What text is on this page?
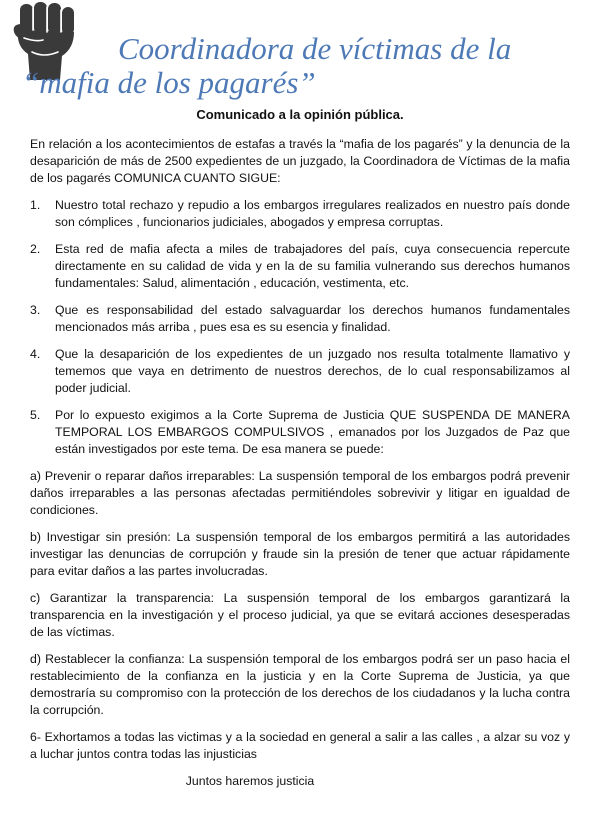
Coordinadora de víctimas de la
“mafia de los pagarés”
Comunicado a la opinión pública.

En relación a los acontecimientos de estafas a través la “mafia de los pagarés” y la denuncia de la desaparición de más de 2500 expedientes de un juzgado, la Coordinadora de Víctimas de la mafia de los pagarés COMUNICA CUANTO SIGUE:

1.	Nuestro total rechazo y repudio a los embargos irregulares realizados en nuestro país donde son cómplices , funcionarios judiciales, abogados y empresa corruptas.
2.	Esta red de mafia afecta a miles de trabajadores del país, cuya consecuencia repercute directamente en su calidad de vida y en la de su familia vulnerando sus derechos humanos fundamentales: Salud, alimentación , educación, vestimenta, etc.
3.	Que es responsabilidad del estado salvaguardar los derechos humanos fundamentales mencionados más arriba , pues esa es su esencia y finalidad.
4.	Que la desaparición de los expedientes de un juzgado nos resulta totalmente llamativo y tememos que vaya en detrimento de nuestros derechos, de lo cual responsabilizamos al poder judicial.
5.	Por lo expuesto exigimos a la Corte Suprema de Justicia QUE SUSPENDA DE MANERA TEMPORAL LOS EMBARGOS COMPULSIVOS , emanados por los Juzgados de Paz que están investigados por este tema. De esa manera se puede:

a) Prevenir o reparar daños irreparables: La suspensión temporal de los embargos podrá prevenir daños irreparables a las personas afectadas permitiéndoles sobrevivir y litigar en igualdad de condiciones.

b) Investigar sin presión: La suspensión temporal de los embargos permitirá a las autoridades investigar las denuncias de corrupción y fraude sin la presión de tener que actuar rápidamente para evitar daños a las partes involucradas.

c) Garantizar la transparencia: La suspensión temporal de los embargos garantizará la transparencia en la investigación y el proceso judicial, ya que se evitará acciones desesperadas de las víctimas.

d) Restablecer la confianza: La suspensión temporal de los embargos podrá ser un paso hacia el restablecimiento de la confianza en la justicia y en la Corte Suprema de Justicia, ya que demostraría su compromiso con la protección de los derechos de los ciudadanos y la lucha contra la corrupción.

6- Exhortamos a todas las victimas y a la sociedad en general a salir a las calles , a alzar su voz y a luchar juntos contra todas las injusticias

Juntos haremos justicia
